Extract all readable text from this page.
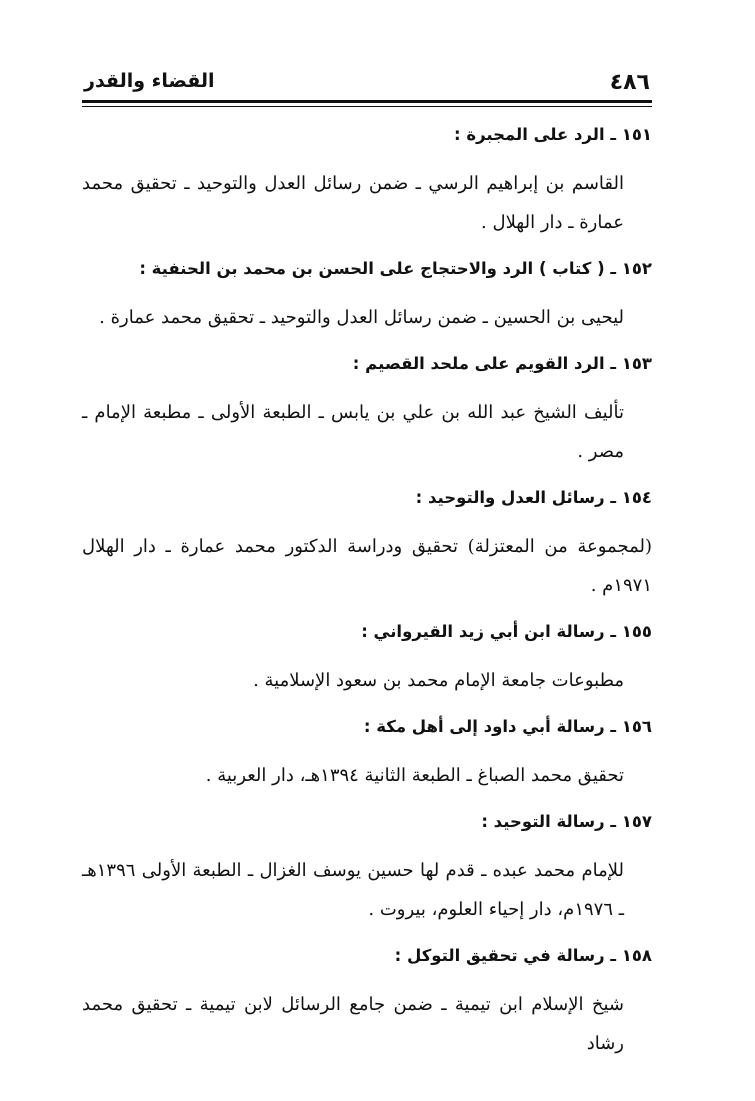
٤٨٦
القضاء والقدر

١٥١ ـ الرد على المجبرة :

القاسم بن إبراهيم الرسي ـ ضمن رسائل العدل والتوحيد ـ تحقيق محمد عمارة ـ دار الهلال .

١٥٢ ـ ( كتاب ) الرد والاحتجاج على الحسن بن محمد بن الحنفية :

ليحيى بن الحسين ـ ضمن رسائل العدل والتوحيد ـ تحقيق محمد عمارة .

١٥٣ ـ الرد القويم على ملحد القصيم :

تأليف الشيخ عبد الله بن علي بن يابس ـ الطبعة الأولى ـ مطبعة الإمام ـ مصر .

١٥٤ ـ رسائل العدل والتوحيد :

(لمجموعة من المعتزلة) تحقيق ودراسة الدكتور محمد عمارة ـ دار الهلال ١٩٧١م .

١٥٥ ـ رسالة ابن أبي زيد القيرواني :

مطبوعات جامعة الإمام محمد بن سعود الإسلامية .

١٥٦ ـ رسالة أبي داود إلى أهل مكة :

تحقيق محمد الصباغ ـ الطبعة الثانية ١٣٩٤هـ، دار العربية .

١٥٧ ـ رسالة التوحيد :

للإمام محمد عبده ـ قدم لها حسين يوسف الغزال ـ الطبعة الأولى ١٣٩٦هـ ـ ١٩٧٦م، دار إحياء العلوم، بيروت .

١٥٨ ـ رسالة في تحقيق التوكل :

شيخ الإسلام ابن تيمية ـ ضمن جامع الرسائل لابن تيمية ـ تحقيق محمد رشاد
